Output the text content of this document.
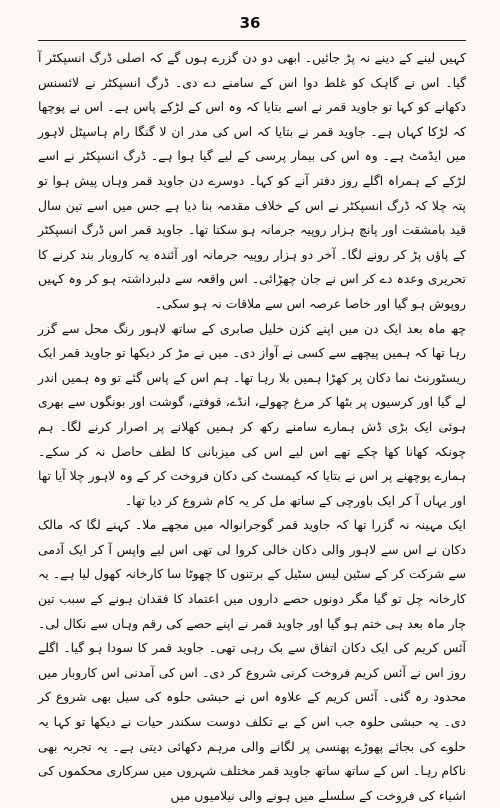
36

کہیں لینے کے دینے نہ پڑ جائیں۔ ابھی دو دن گزرے ہوں گے کہ اصلی ڈرگ انسپکٹر آ گیا۔ اس نے گاہک کو غلط دوا اس کے سامنے دے دی۔ ڈرگ انسپکٹر نے لائسنس دکھانے کو کہا تو جاوید قمر نے اسے بتایا کہ وہ اس کے لڑکے پاس ہے۔ اس نے پوچھا کہ لڑکا کہاں ہے۔ جاوید قمر نے بتایا کہ اس کی مدر ان لا گنگا رام ہاسپٹل لاہور میں ایڈمٹ ہے۔ وہ اس کی بیمار پرسی کے لیے گیا ہوا ہے۔ ڈرگ انسپکٹر نے اسے لڑکے کے ہمراہ اگلے روز دفتر آنے کو کہا۔ دوسرے دن جاوید قمر وہاں پیش ہوا تو پتہ چلا کہ ڈرگ انسپکٹر نے اس کے خلاف مقدمہ بنا دیا ہے جس میں اسے تین سال قید بامشقت اور پانچ ہزار روپیہ جرمانہ ہو سکتا تھا۔ جاوید قمر اس ڈرگ انسپکٹر کے پاؤں پڑ کر رونے لگا۔ آخر دو ہزار روپیہ جرمانہ اور آئندہ یہ کاروبار بند کرنے کا تحریری وعدہ دے کر اس نے جان چھڑائی۔ اس واقعہ سے دلبرداشتہ ہو کر وہ کہیں روپوش ہو گیا اور خاصا عرصہ اس سے ملاقات نہ ہو سکی۔

چھ ماہ بعد ایک دن میں اپنے کزن خلیل صابری کے ساتھ لاہور رنگ محل سے گزر رہا تھا کہ ہمیں پیچھے سے کسی نے آواز دی۔ میں نے مڑ کر دیکھا تو جاوید قمر ایک ریسٹورنٹ نما دکان پر کھڑا ہمیں بلا رہا تھا۔ ہم اس کے پاس گئے تو وہ ہمیں اندر لے گیا اور کرسیوں پر بٹھا کر مرغ چھولے، انڈے، قوفتے، گوشت اور بونگوں سے بھری ہوئی ایک بڑی ڈش ہمارے سامنے رکھ کر ہمیں کھلانے پر اصرار کرنے لگا۔ ہم چونکہ کھانا کھا چکے تھے اس لیے اس کی میزبانی کا لطف حاصل نہ کر سکے۔ ہمارے پوچھنے پر اس نے بتایا کہ کیمسٹ کی دکان فروخت کر کے وہ لاہور چلا آیا تھا اور یہاں آ کر ایک باورچی کے ساتھ مل کر یہ کام شروع کر دیا تھا۔

ایک مہینہ نہ گزرا تھا کہ جاوید قمر گوجرانوالہ میں مجھے ملا۔ کہنے لگا کہ مالک دکان نے اس سے لاہور والی دکان خالی کروا لی تھی اس لیے واپس آ کر ایک آدمی سے شرکت کر کے سٹین لیس سٹیل کے برتنوں کا چھوٹا سا کارخانہ کھول لیا ہے۔ یہ کارخانہ چل تو گیا مگر دونوں حصے داروں میں اعتماد کا فقدان ہونے کے سبب تین چار ماہ بعد ہی ختم ہو گیا اور جاوید قمر نے اپنے حصے کی رقم وہاں سے نکال لی۔ آئس کریم کی ایک دکان اتفاق سے بک رہی تھی۔ جاوید قمر کا سودا ہو گیا۔ اگلے روز اس نے آئس کریم فروخت کرنی شروع کر دی۔ اس کی آمدنی اس کاروبار میں محدود رہ گئی۔ آئس کریم کے علاوہ اس نے حبشی حلوہ کی سیل بھی شروع کر دی۔ یہ حبشی حلوہ جب اس کے بے تکلف دوست سکندر حیات نے دیکھا تو کہا یہ حلوے کی بجائے پھوڑے پھنسی پر لگانے والی مرہم دکھائی دیتی ہے۔ یہ تجربہ بھی ناکام رہا۔ اس کے ساتھ ساتھ جاوید قمر مختلف شہروں میں سرکاری محکموں کی اشیاء کی فروخت کے سلسلے میں ہونے والی نیلامیوں میں
